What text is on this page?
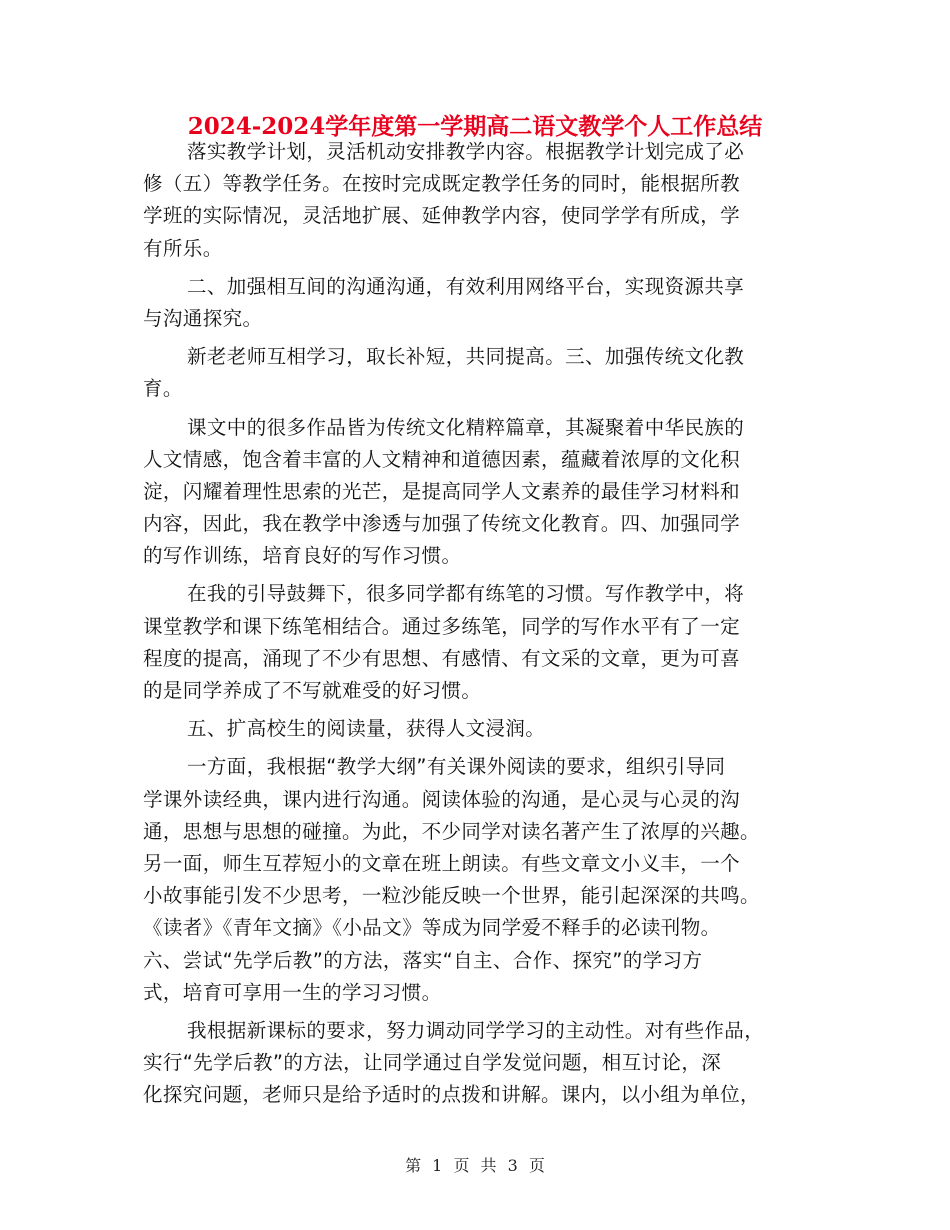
2024-2024学年度第一学期高二语文教学个人工作总结
落实教学计划，灵活机动安排教学内容。根据教学计划完成了必
修（五）等教学任务。在按时完成既定教学任务的同时，能根据所教
学班的实际情况，灵活地扩展、延伸教学内容，使同学学有所成，学
有所乐。
二、加强相互间的沟通沟通，有效利用网络平台，实现资源共享
与沟通探究。
新老老师互相学习，取长补短，共同提高。三、加强传统文化教
育。
课文中的很多作品皆为传统文化精粹篇章，其凝聚着中华民族的
人文情感，饱含着丰富的人文精神和道德因素，蕴藏着浓厚的文化积
淀，闪耀着理性思索的光芒，是提高同学人文素养的最佳学习材料和
内容，因此，我在教学中渗透与加强了传统文化教育。四、加强同学
的写作训练，培育良好的写作习惯。
在我的引导鼓舞下，很多同学都有练笔的习惯。写作教学中，将
课堂教学和课下练笔相结合。通过多练笔，同学的写作水平有了一定
程度的提高，涌现了不少有思想、有感情、有文采的文章，更为可喜
的是同学养成了不写就难受的好习惯。
五、扩高校生的阅读量，获得人文浸润。
一方面，我根据“教学大纲”有关课外阅读的要求，组织引导同
学课外读经典，课内进行沟通。阅读体验的沟通，是心灵与心灵的沟
通，思想与思想的碰撞。为此，不少同学对读名著产生了浓厚的兴趣。
另一面，师生互荐短小的文章在班上朗读。有些文章文小义丰，一个
小故事能引发不少思考，一粒沙能反映一个世界，能引起深深的共鸣。
《读者》《青年文摘》《小品文》等成为同学爱不释手的必读刊物。
六、尝试“先学后教”的方法，落实“自主、合作、探究”的学习方
式，培育可享用一生的学习习惯。
我根据新课标的要求，努力调动同学学习的主动性。对有些作品，
实行“先学后教”的方法，让同学通过自学发觉问题，相互讨论，深
化探究问题，老师只是给予适时的点拨和讲解。课内，以小组为单位，
第 1 页 共 3 页
